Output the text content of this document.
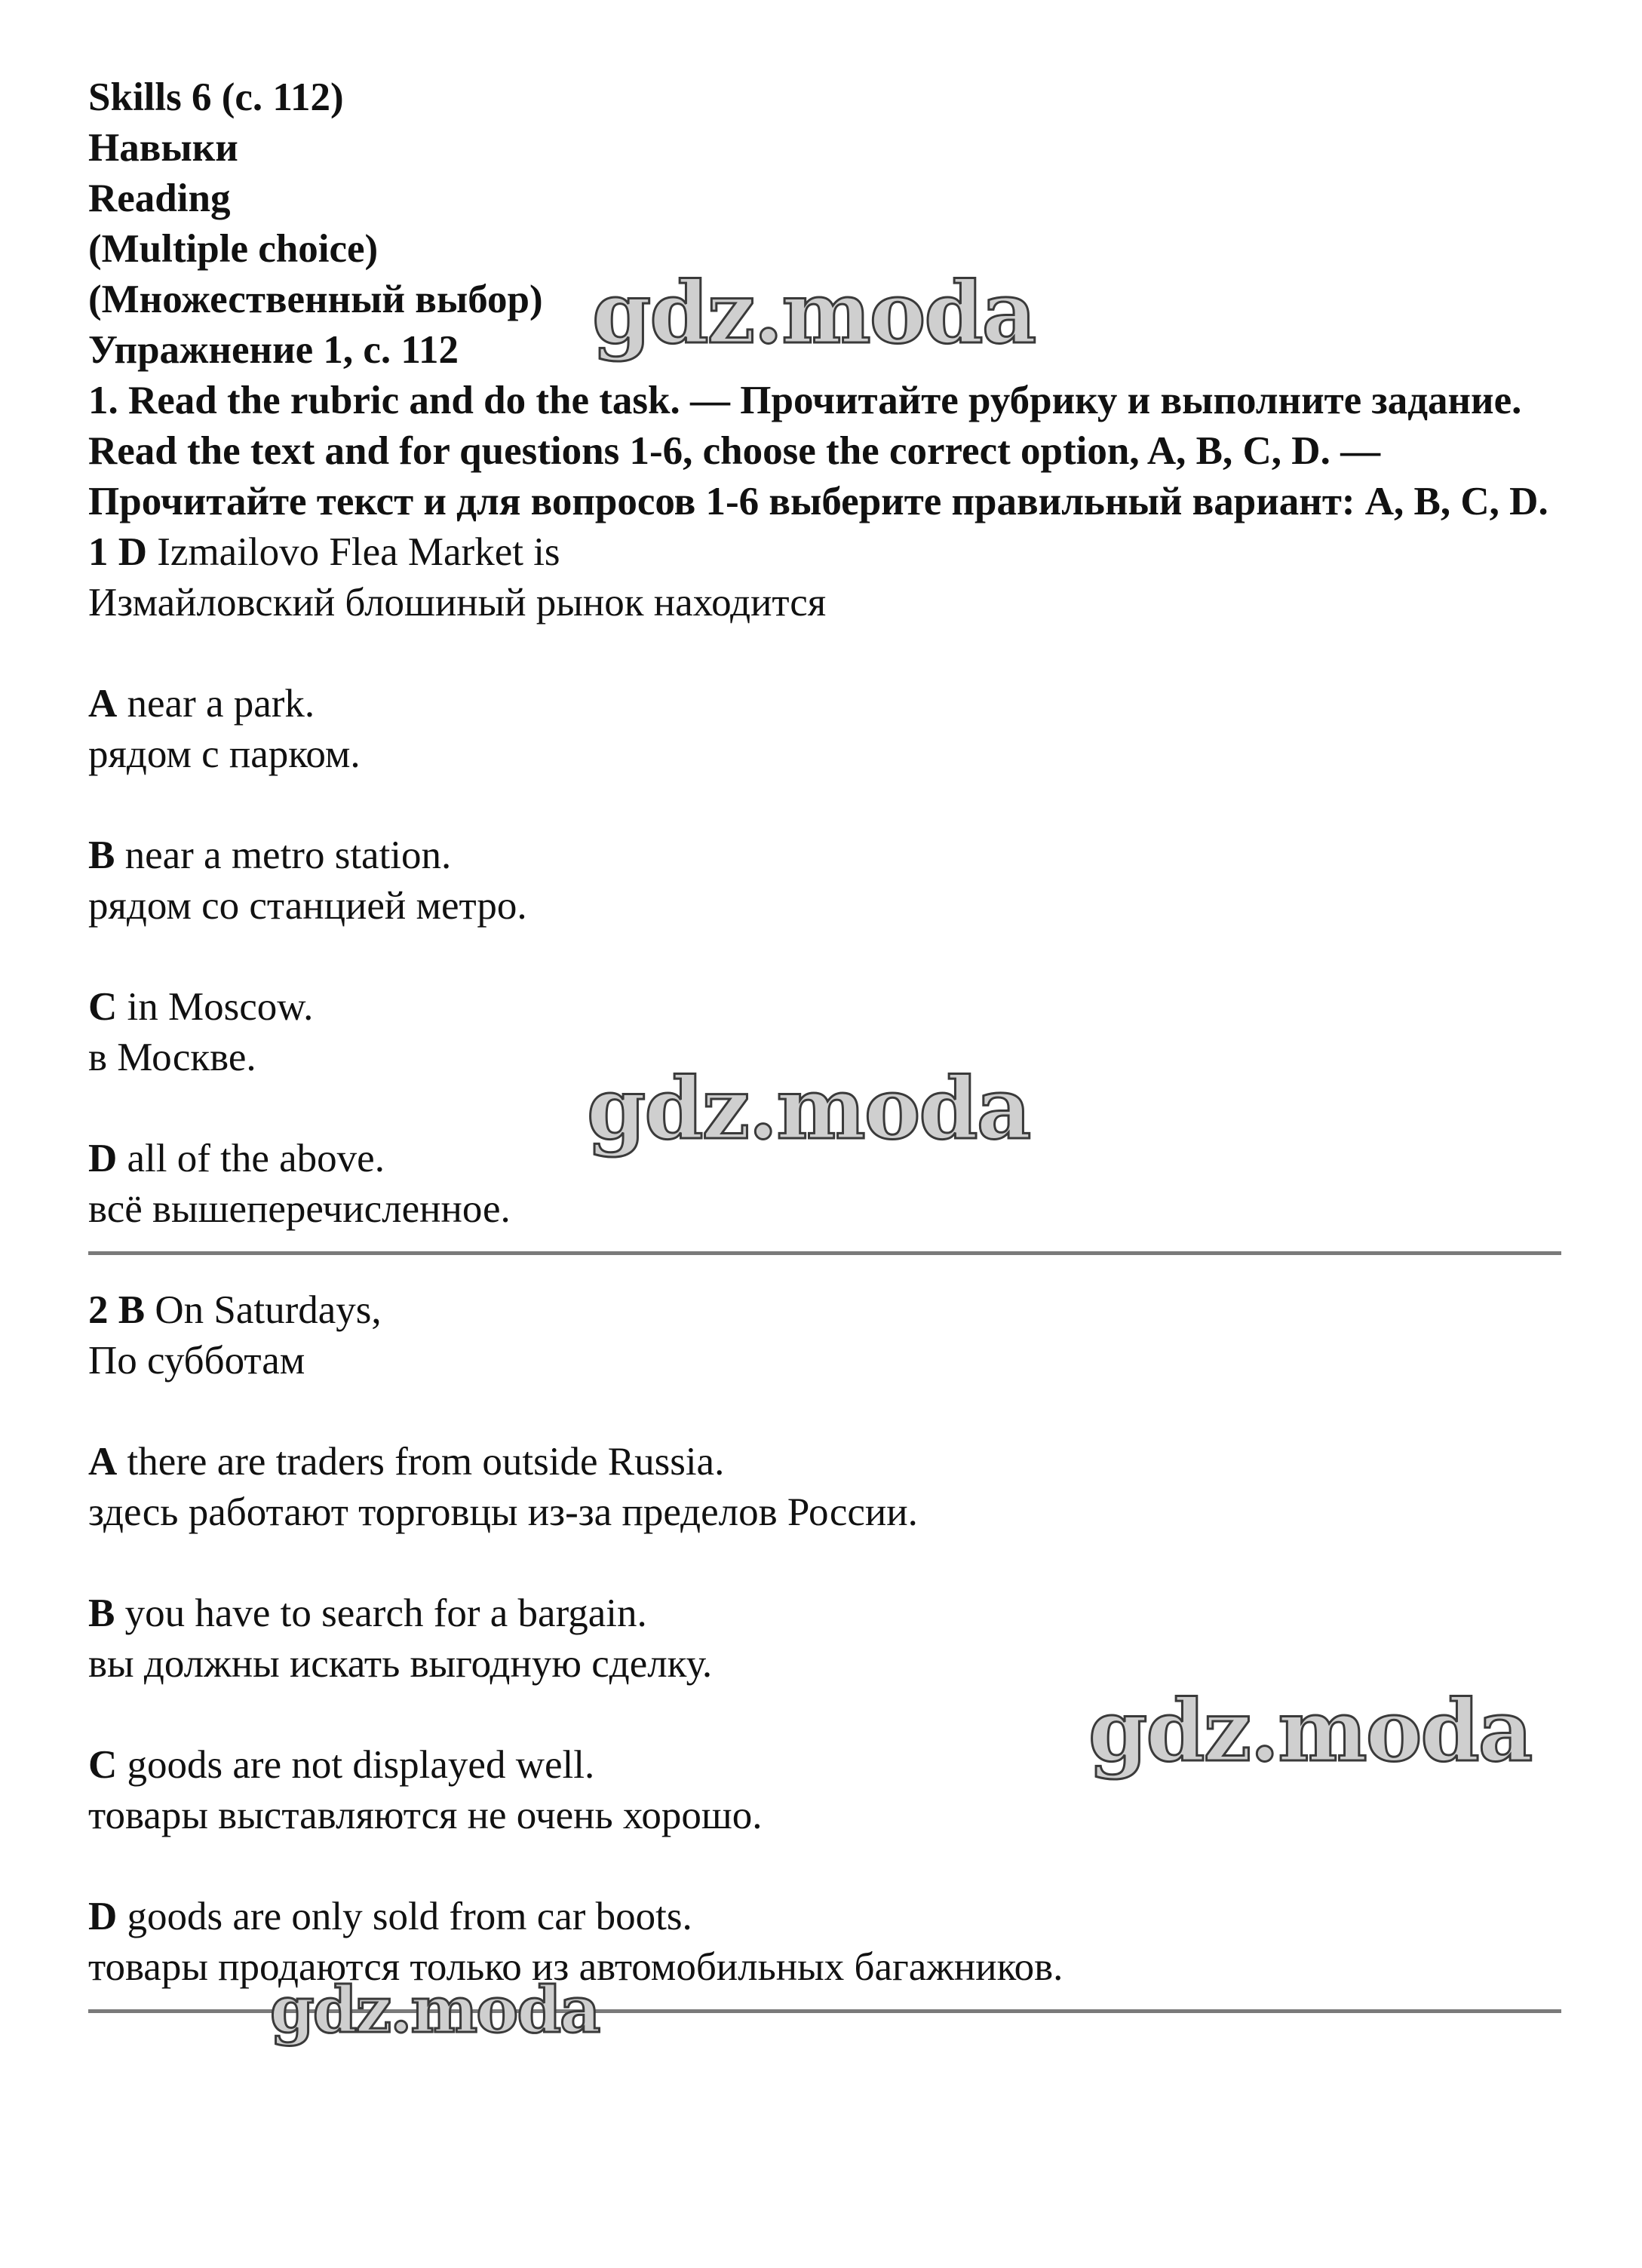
Skills 6 (с. 112)
Навыки
Reading
(Multiple choice)
(Множественный выбор)
Упражнение 1, с. 112
1. Read the rubric and do the task. — Прочитайте рубрику и выполните задание.
Read the text and for questions 1-6, choose the correct option, A, B, C, D. — Прочитайте текст и для вопросов 1-6 выберите правильный вариант: A, B, C, D.
1 D Izmailovo Flea Market is
Измайловский блошиный рынок находится
A near a park.
рядом с парком.
B near a metro station.
рядом со станцией метро.
C in Moscow.
в Москве.
D all of the above.
всё вышеперечисленное.
2 B On Saturdays,
По субботам
A there are traders from outside Russia.
здесь работают торговцы из-за пределов России.
B you have to search for a bargain.
вы должны искать выгодную сделку.
C goods are not displayed well.
товары выставляются не очень хорошо.
D goods are only sold from car boots.
товары продаются только из автомобильных багажников.
gdz.moda
gdz.moda
gdz.moda
gdz.moda
